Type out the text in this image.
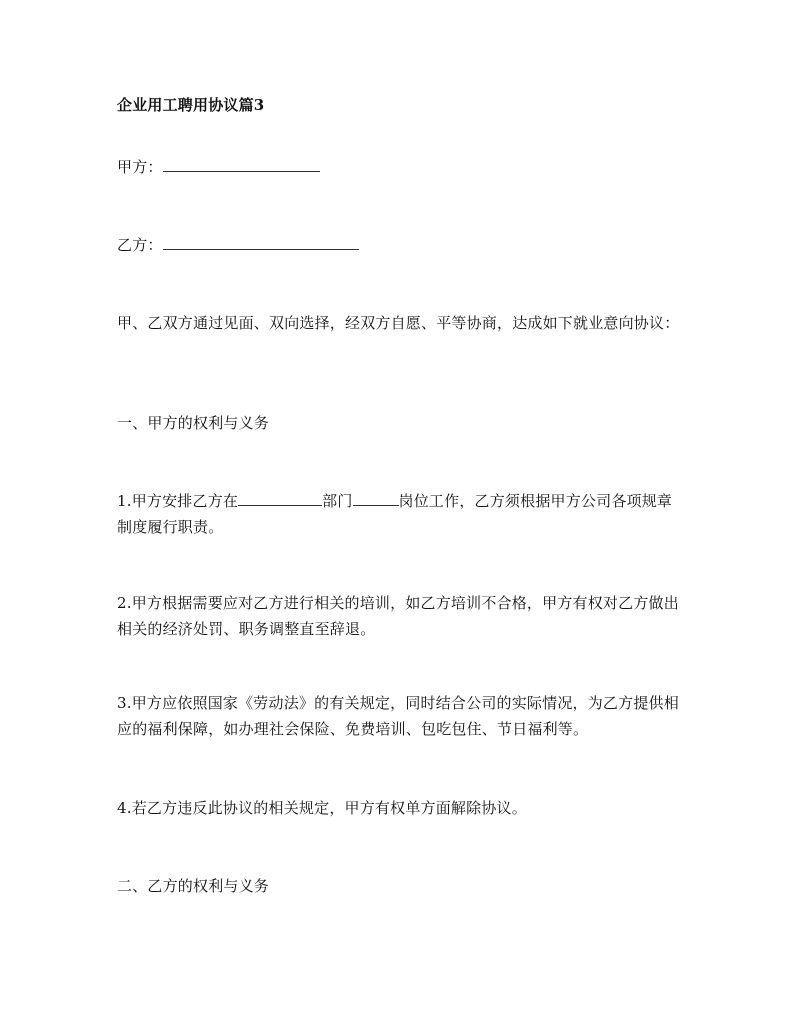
企业用工聘用协议篇3
甲方：
乙方：
甲、乙双方通过见面、双向选择，经双方自愿、平等协商，达成如下就业意向协议：
一、甲方的权利与义务
1.甲方安排乙方在	部门	岗位工作，乙方须根据甲方公司各项规章制度履行职责。
2.甲方根据需要应对乙方进行相关的培训，如乙方培训不合格，甲方有权对乙方做出相关的经济处罚、职务调整直至辞退。
3.甲方应依照国家《劳动法》的有关规定，同时结合公司的实际情况，为乙方提供相应的福利保障，如办理社会保险、免费培训、包吃包住、节日福利等。
4.若乙方违反此协议的相关规定，甲方有权单方面解除协议。
二、乙方的权利与义务
